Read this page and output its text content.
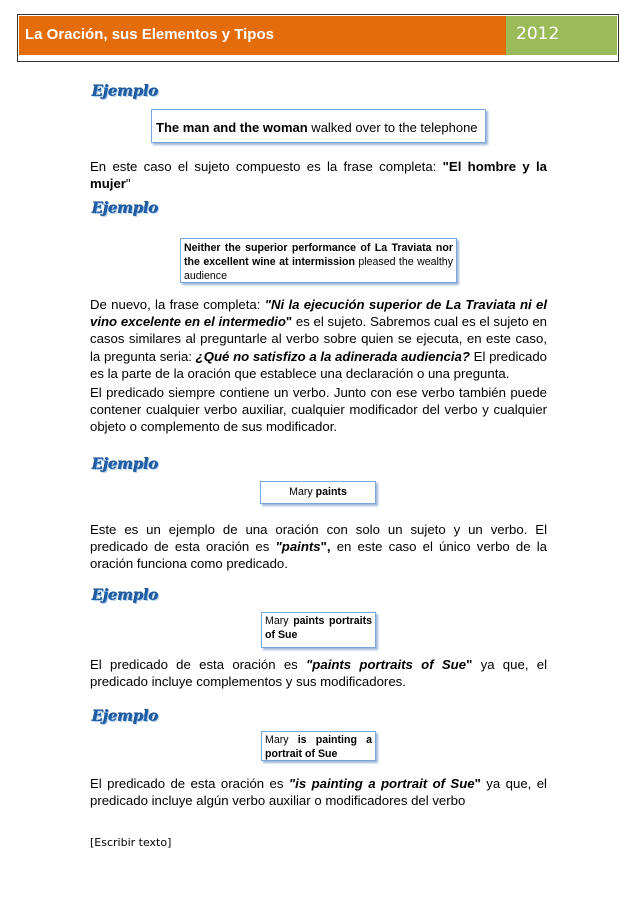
La Oración, sus Elementos y Tipos	2012
Ejemplo
The man and the woman walked over to the telephone

En este caso el sujeto compuesto es la frase completa: "El hombre y la mujer"

Ejemplo
Neither the superior performance of La Traviata nor the excellent wine at intermission pleased the wealthy audience

De nuevo, la frase completa: "Ni la ejecución superior de La Traviata ni el vino excelente en el intermedio" es el sujeto. Sabremos cual es el sujeto en casos similares al preguntarle al verbo sobre quien se ejecuta, en este caso, la pregunta seria: ¿Qué no satisfizo a la adinerada audiencia? El predicado es la parte de la oración que establece una declaración o una pregunta.

El predicado siempre contiene un verbo. Junto con ese verbo también puede contener cualquier verbo auxiliar, cualquier modificador del verbo y cualquier objeto o complemento de sus modificador.

Ejemplo
Mary paints

Este es un ejemplo de una oración con solo un sujeto y un verbo. El predicado de esta oración es "paints", en este caso el único verbo de la oración funciona como predicado.

Ejemplo
Mary paints portraits of Sue

El predicado de esta oración es "paints portraits of Sue" ya que, el predicado incluye complementos y sus modificadores.

Ejemplo
Mary is painting a portrait of Sue

El predicado de esta oración es "is painting a portrait of Sue" ya que, el predicado incluye algún verbo auxiliar o modificadores del verbo

[Escribir texto]
